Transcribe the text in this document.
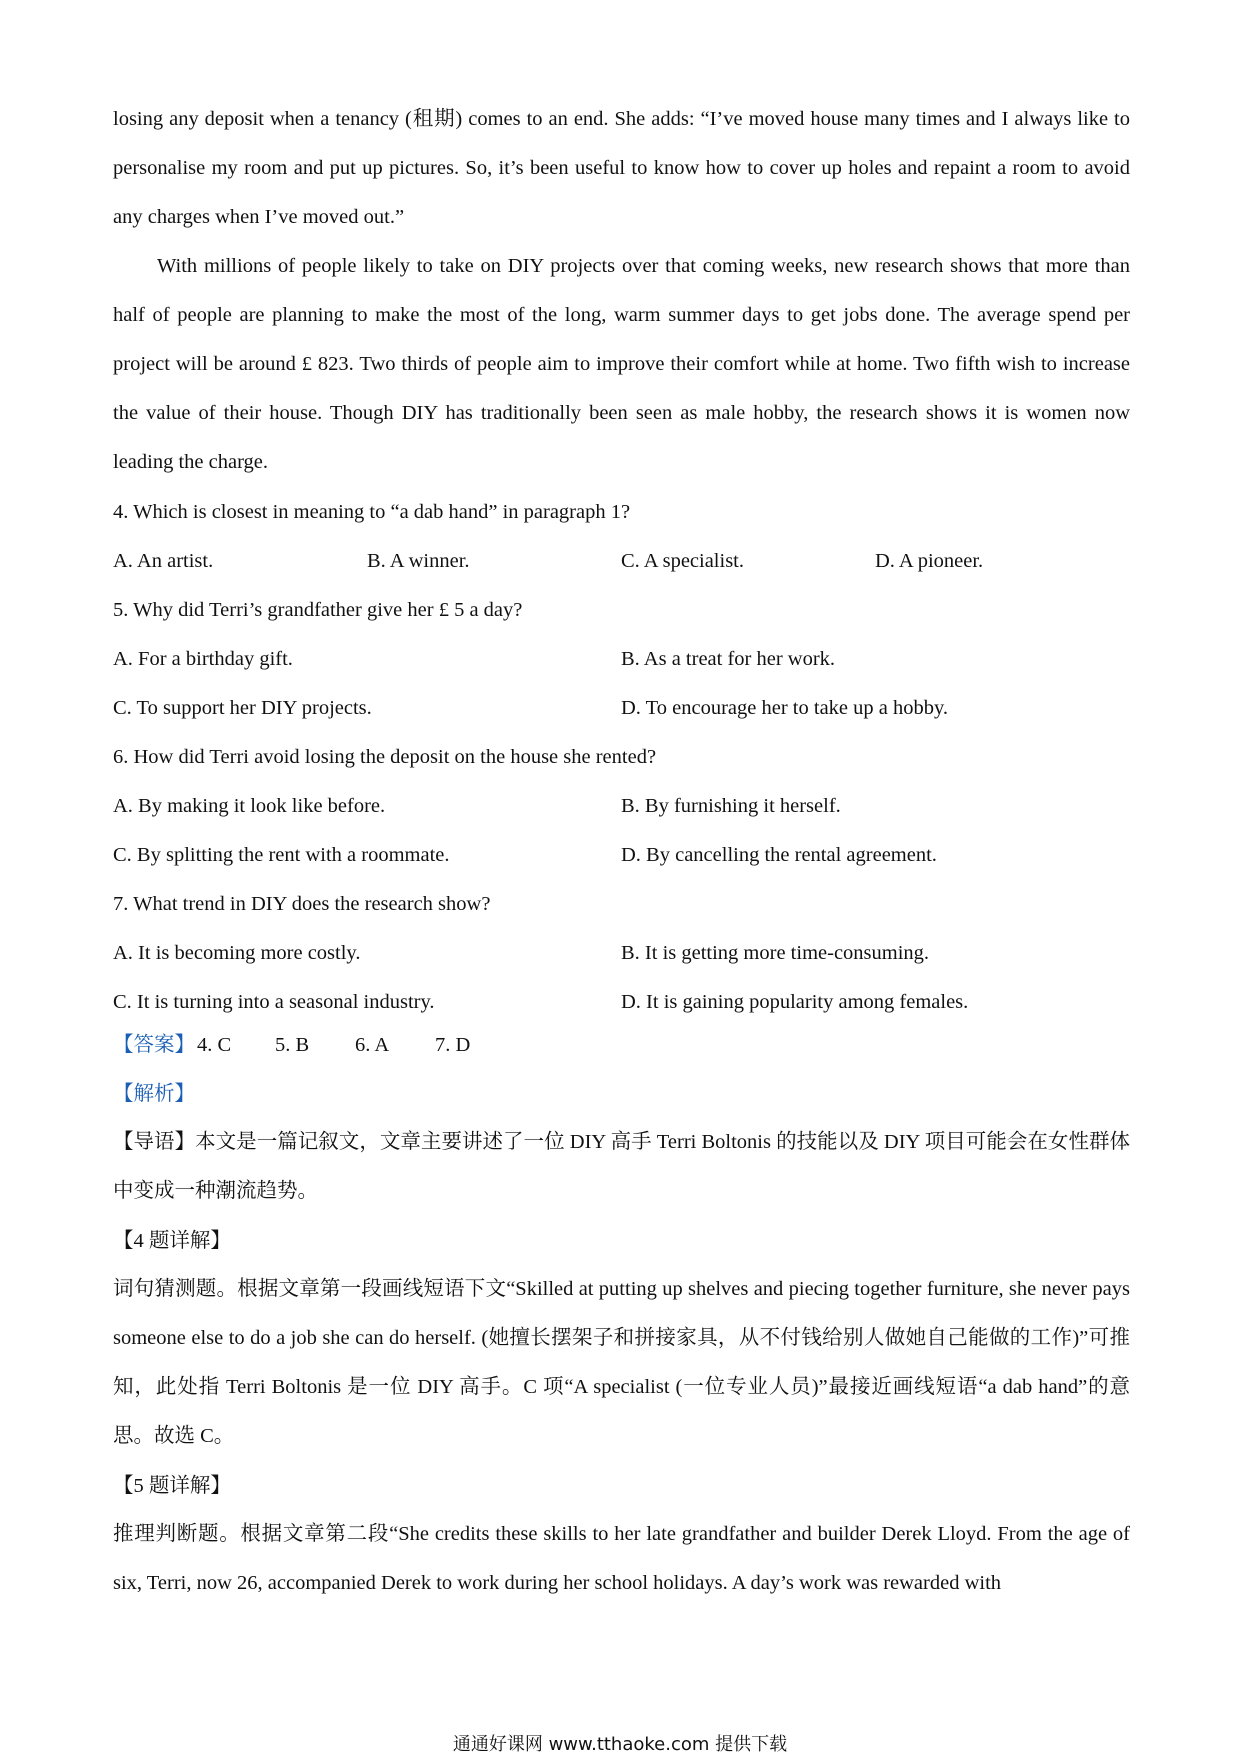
losing any deposit when a tenancy (租期) comes to an end. She adds: “I’ve moved house many times and I always like to personalise my room and put up pictures. So, it’s been useful to know how to cover up holes and repaint a room to avoid any charges when I’ve moved out.”

With millions of people likely to take on DIY projects over that coming weeks, new research shows that more than half of people are planning to make the most of the long, warm summer days to get jobs done. The average spend per project will be around £ 823. Two thirds of people aim to improve their comfort while at home. Two fifth wish to increase the value of their house. Though DIY has traditionally been seen as male hobby, the research shows it is women now leading the charge.

4. Which is closest in meaning to “a dab hand” in paragraph 1?

A. An artist.	B. A winner.	C. A specialist.	D. A pioneer.

5. Why did Terri’s grandfather give her £ 5 a day?

A. For a birthday gift.	B. As a treat for her work.

C. To support her DIY projects.	D. To encourage her to take up a hobby.

6. How did Terri avoid losing the deposit on the house she rented?

A. By making it look like before.	B. By furnishing it herself.

C. By splitting the rent with a roommate.	D. By cancelling the rental agreement.

7. What trend in DIY does the research show?

A. It is becoming more costly.	B. It is getting more time-consuming.

C. It is turning into a seasonal industry.	D. It is gaining popularity among females.

【答案】4. C 5. B 6. A 7. D
【解析】

【导语】本文是一篇记叙文，文章主要讲述了一位 DIY 高手 Terri Boltonis 的技能以及 DIY 项目可能会在女性群体中变成一种潮流趋势。

【4 题详解】

词句猜测题。根据文章第一段画线短语下文“Skilled at putting up shelves and piecing together furniture, she never pays someone else to do a job she can do herself. (她擅长摆架子和拼接家具，从不付钱给别人做她自己能做的工作)”可推知，此处指 Terri Boltonis 是一位 DIY 高手。C 项“A specialist (一位专业人员)”最接近画线短语“a dab hand”的意思。故选 C。

【5 题详解】

推理判断题。根据文章第二段“She credits these skills to her late grandfather and builder Derek Lloyd. From the age of six, Terri, now 26, accompanied Derek to work during her school holidays. A day’s work was rewarded with

通通好课网 www.tthaoke.com 提供下载
